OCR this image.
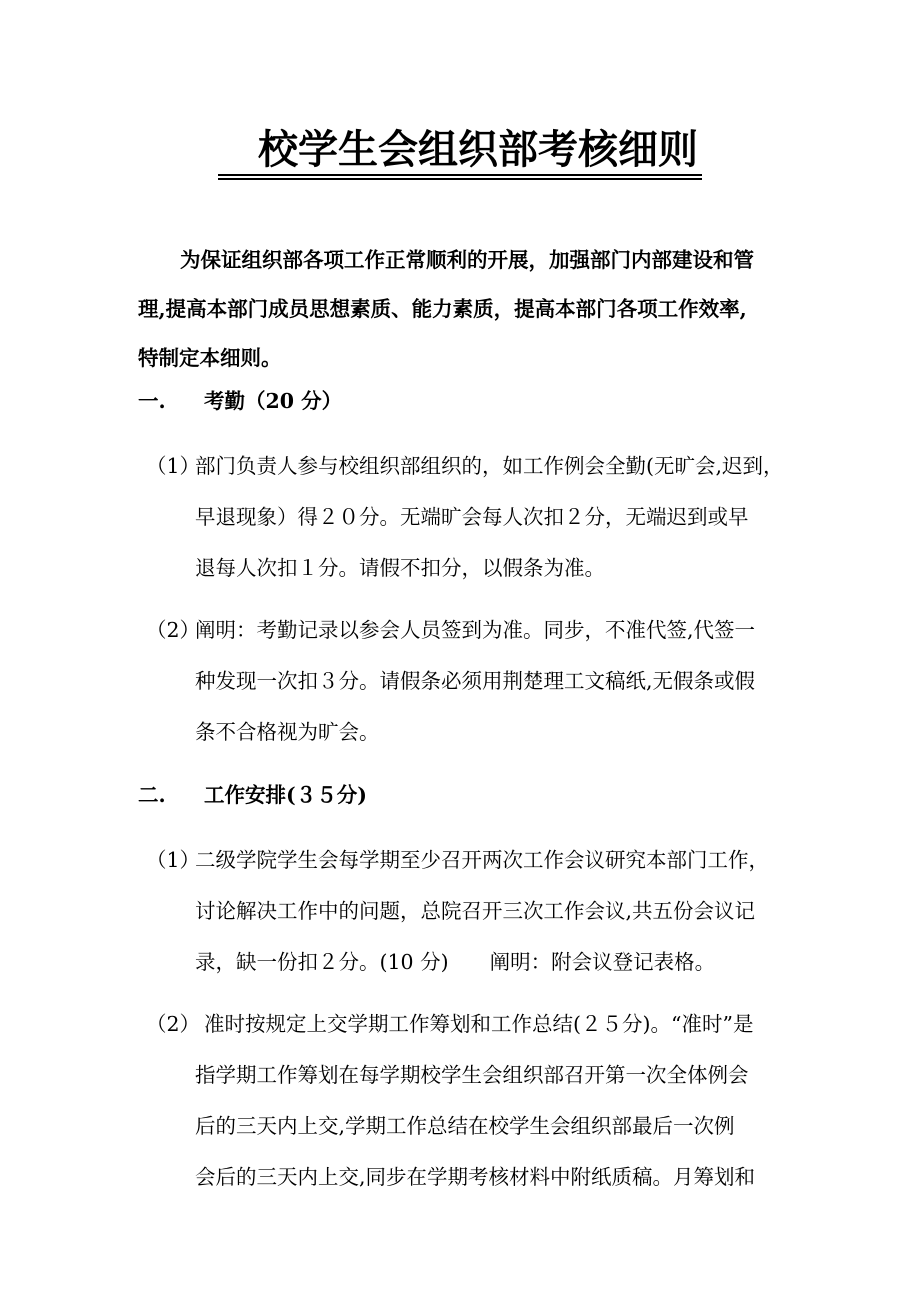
校学生会组织部考核细则
为保证组织部各项工作正常顺利的开展，加强部门内部建设和管
理,提高本部门成员思想素质、能力素质，提高本部门各项工作效率,
特制定本细则。
一. 考勤（20 分）
（1）
部门负责人参与校组织部组织的，如工作例会全勤(无旷会,迟到，
早退现象）得２０分。无端旷会每人次扣２分，无端迟到或早
退每人次扣１分。请假不扣分，以假条为准。
（2）
阐明：考勤记录以参会人员签到为准。同步，不准代签,代签一
种发现一次扣３分。请假条必须用荆楚理工文稿纸,无假条或假
条不合格视为旷会。
二. 工作安排(３５分)
（1）
二级学院学生会每学期至少召开两次工作会议研究本部门工作，
讨论解决工作中的问题，总院召开三次工作会议,共五份会议记
录，缺一份扣２分。(10 分)　　阐明：附会议登记表格。
（2） 准时按规定上交学期工作筹划和工作总结(２５分)。“准时”是
指学期工作筹划在每学期校学生会组织部召开第一次全体例会
后的三天内上交,学期工作总结在校学生会组织部最后一次例
会后的三天内上交,同步在学期考核材料中附纸质稿。月筹划和
